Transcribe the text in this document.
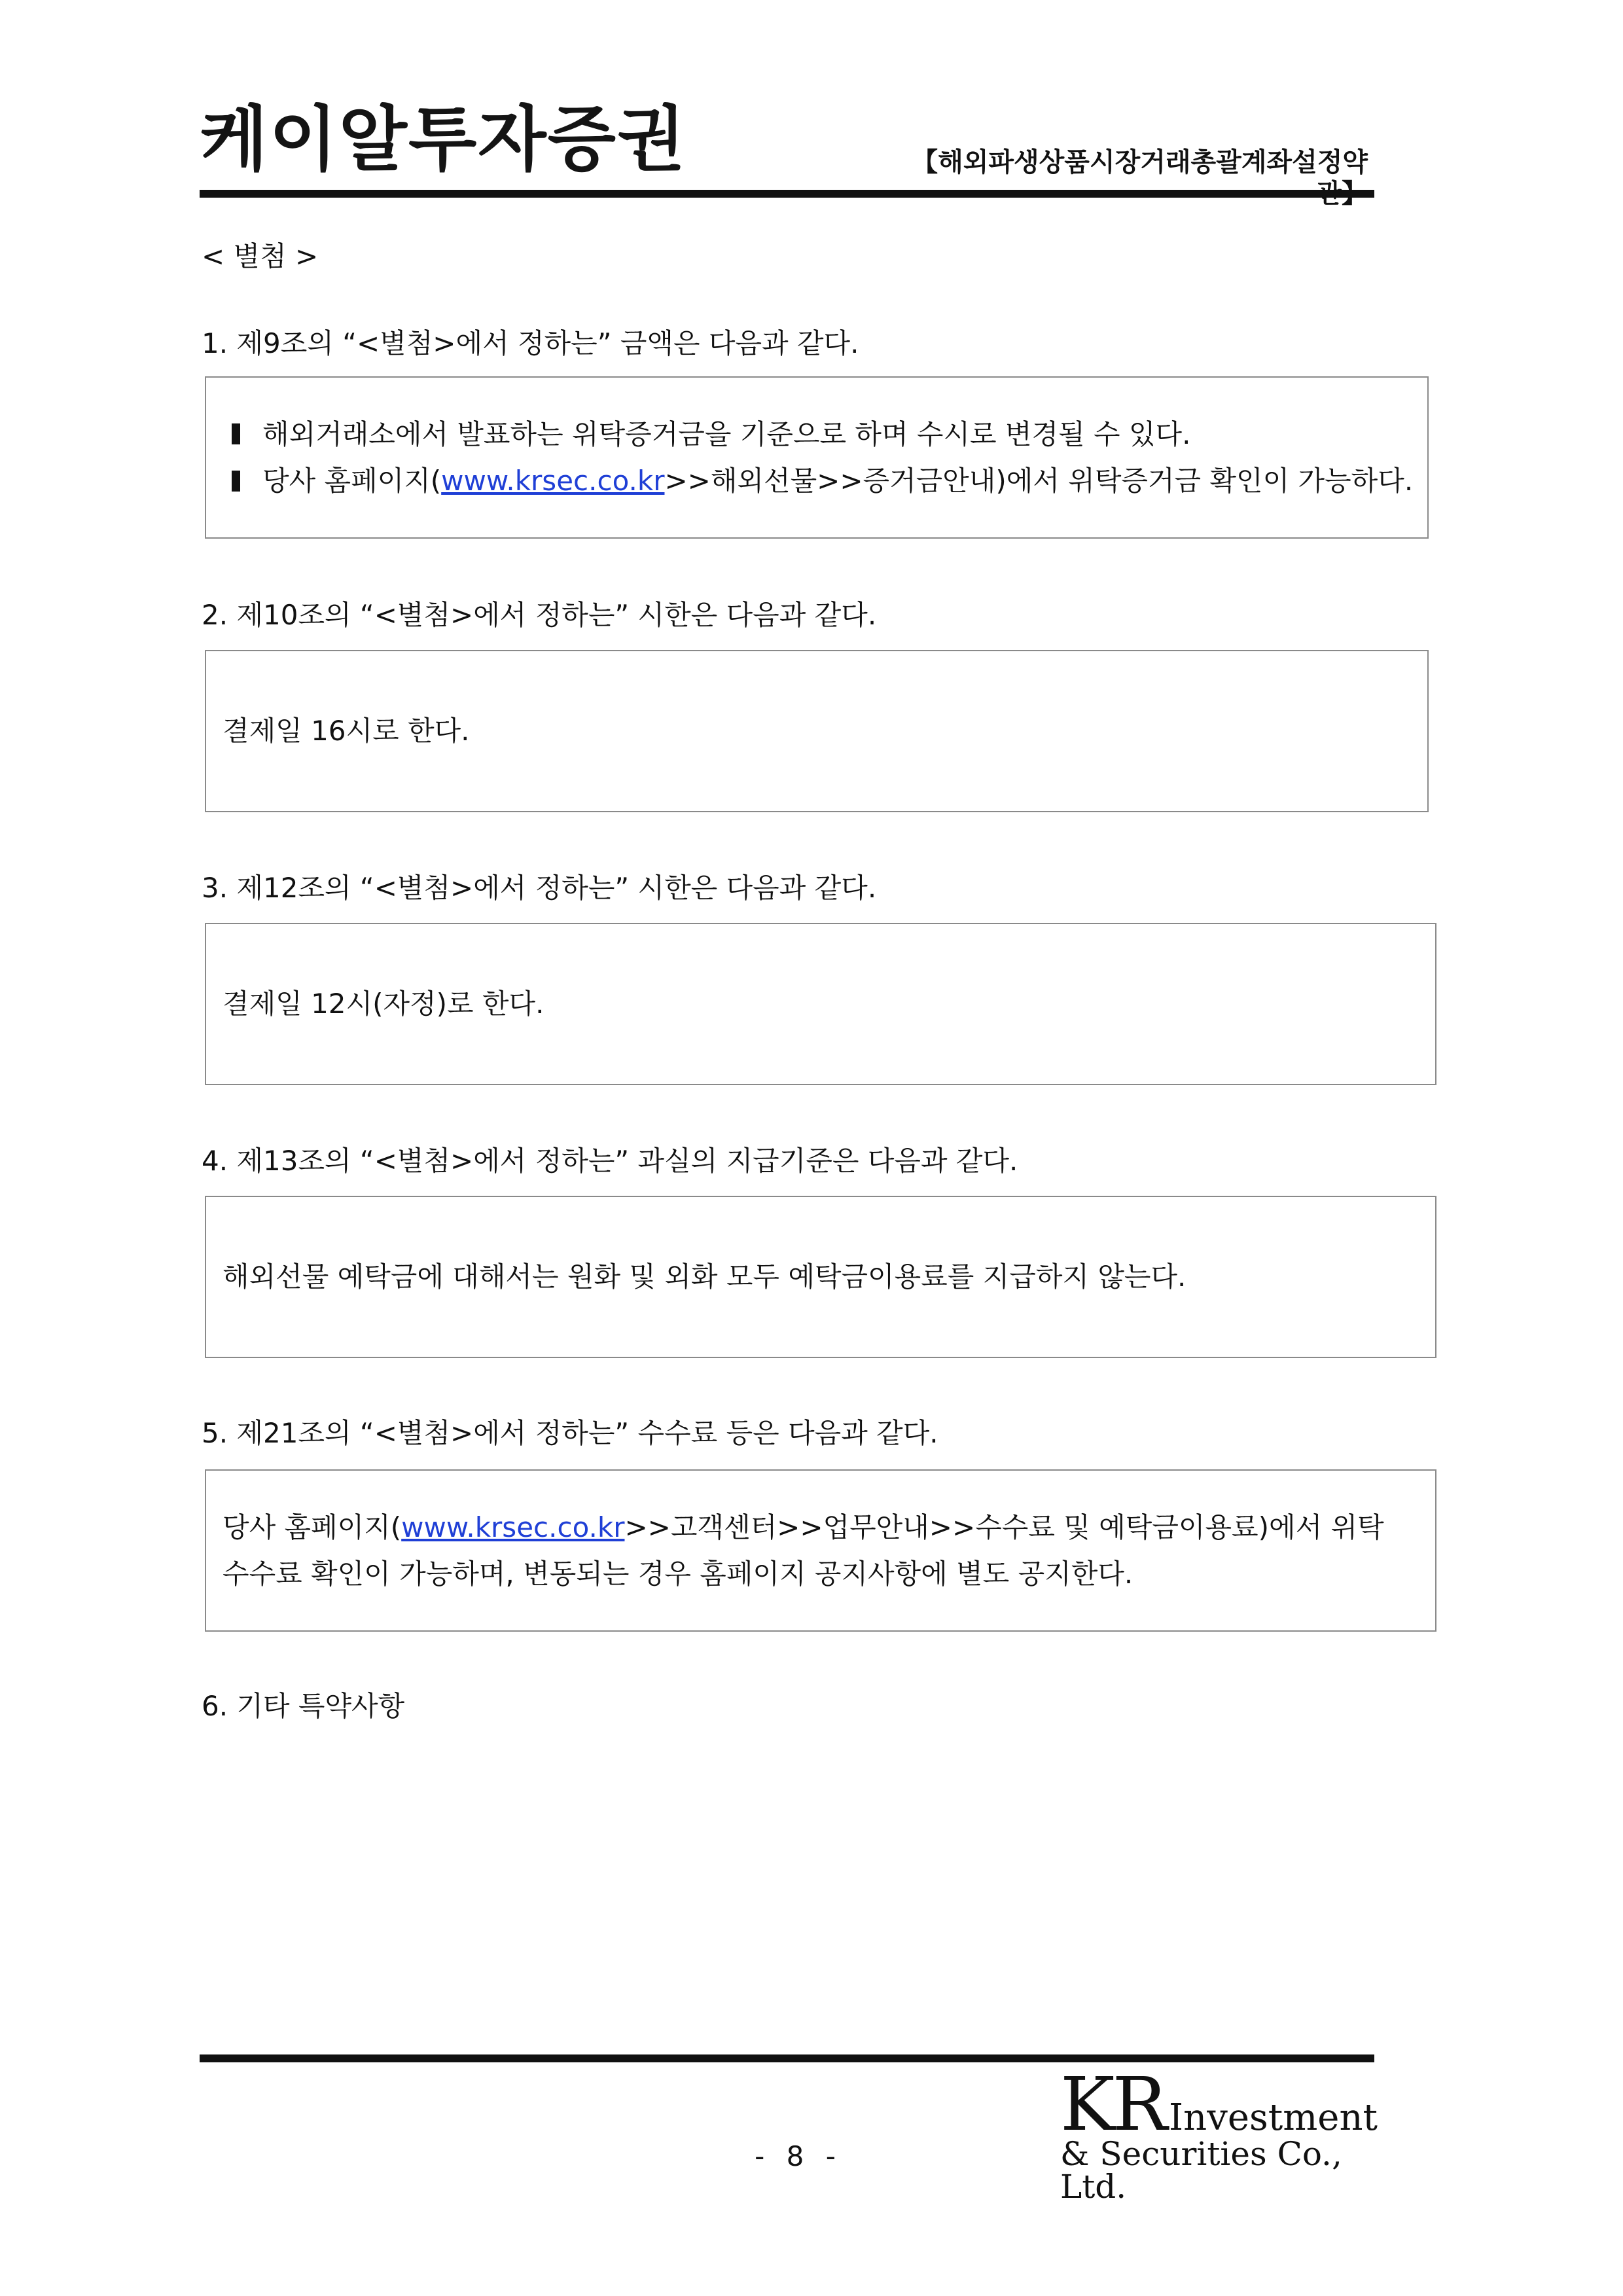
케이알투자증권	【해외파생상품시장거래총괄계좌설정약
< 별첨 >
1. 제9조의 “<별첨>에서 정하는” 금액은 다음과 같다.
해외거래소에서 발표하는 위탁증거금을 기준으로 하며 수시로 변경될 수 있다.
당사 홈페이지(www.krsec.co.kr>>해외선물>>증거금안내)에서 위탁증거금 확인이 가능하다.
2. 제10조의 “<별첨>에서 정하는” 시한은 다음과 같다.
결제일 16시로 한다.
3. 제12조의 “<별첨>에서 정하는” 시한은 다음과 같다.
결제일 12시(자정)로 한다.
4. 제13조의 “<별첨>에서 정하는” 과실의 지급기준은 다음과 같다.
해외선물 예탁금에 대해서는 원화 및 외화 모두 예탁금이용료를 지급하지 않는다.
5. 제21조의 “<별첨>에서 정하는” 수수료 등은 다음과 같다.
당사 홈페이지(www.krsec.co.kr>>고객센터>>업무안내>>수수료 및 예탁금이용료)에서 위탁
수수료 확인이 가능하며, 변동되는 경우 홈페이지 공지사항에 별도 공지한다.
6. 기타 특약사항
- 8 -
KR Investment
& Securities Co., Ltd.
